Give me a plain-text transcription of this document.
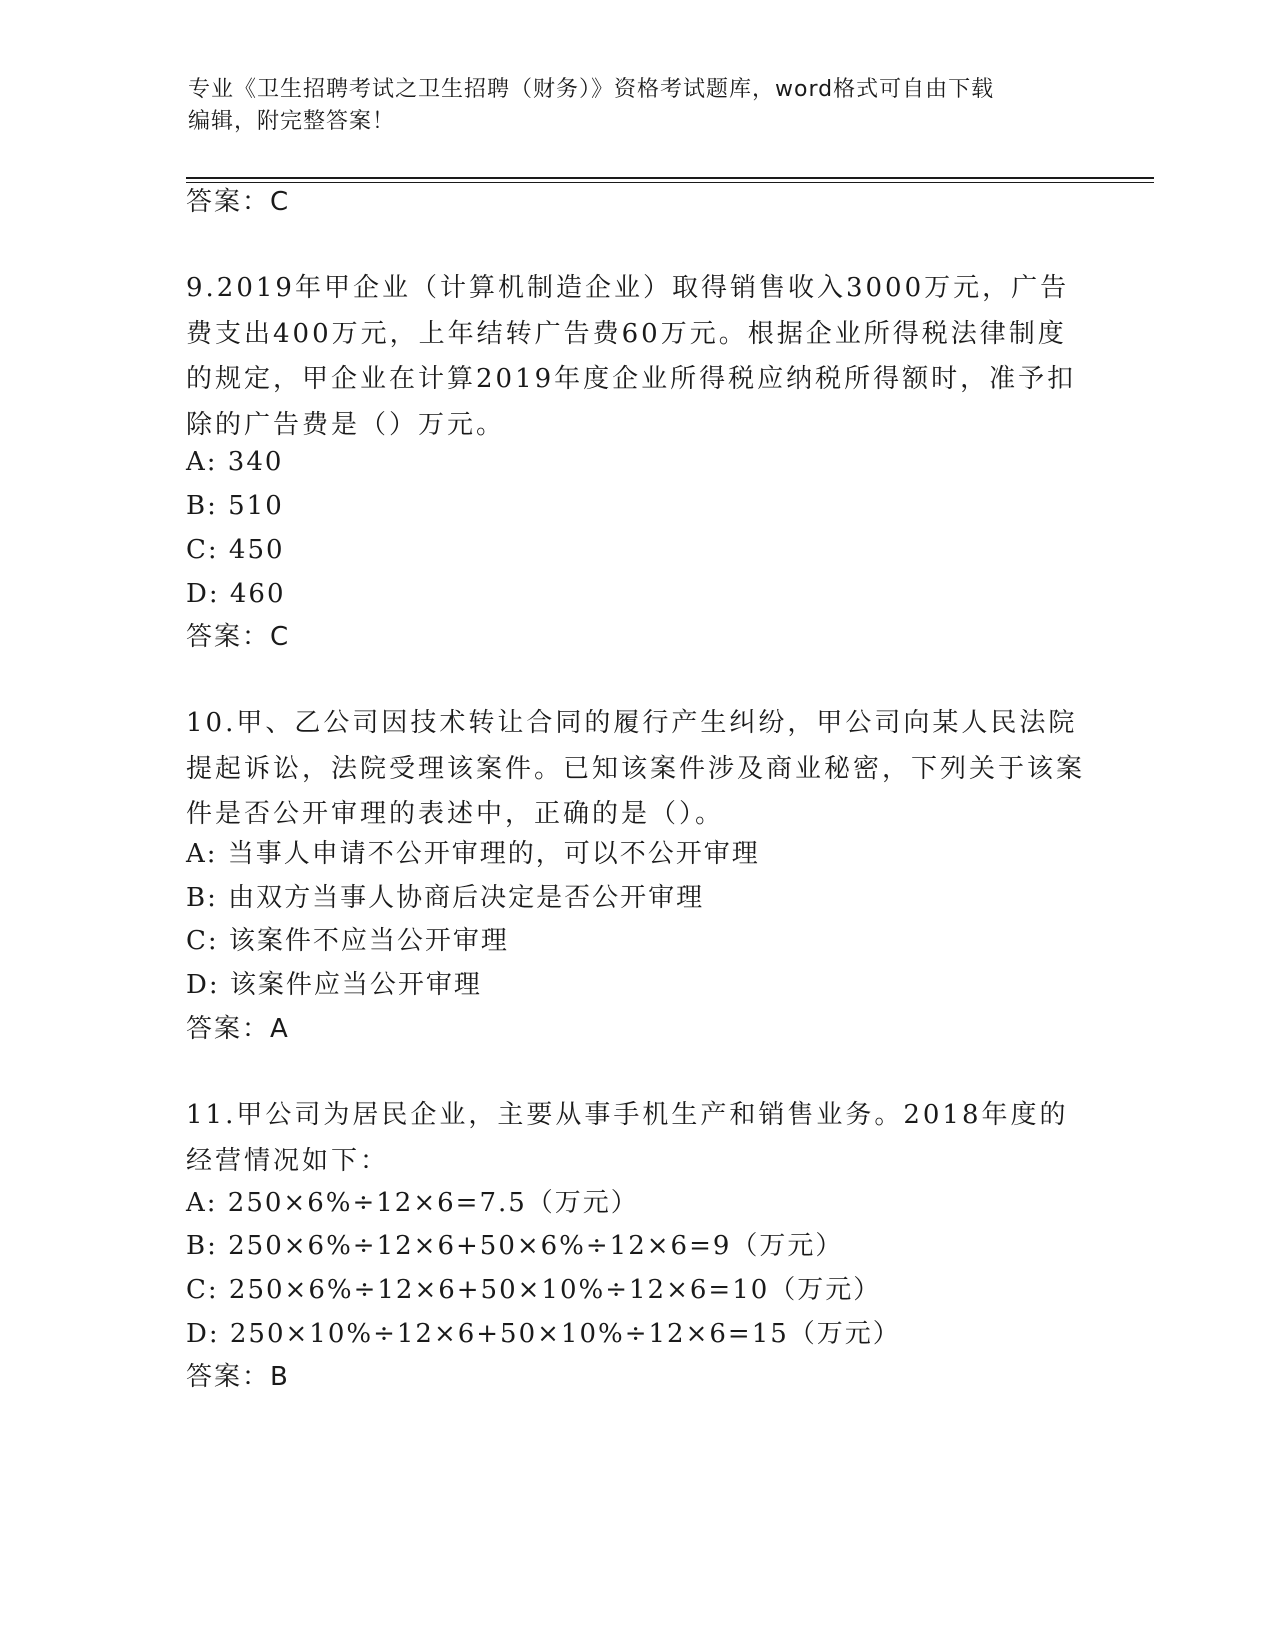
专业《卫生招聘考试之卫生招聘（财务）》资格考试题库，word格式可自由下载
编辑，附完整答案！
答案：C
9.2019年甲企业（计算机制造企业）取得销售收入3000万元，广告费支出400万元，上年结转广告费60万元。根据企业所得税法律制度的规定，甲企业在计算2019年度企业所得税应纳税所得额时，准予扣除的广告费是（）万元。
A: 340
B: 510
C: 450
D: 460
答案：C
10.甲、乙公司因技术转让合同的履行产生纠纷，甲公司向某人民法院提起诉讼，法院受理该案件。已知该案件涉及商业秘密，下列关于该案件是否公开审理的表述中，正确的是（）。
A: 当事人申请不公开审理的，可以不公开审理
B: 由双方当事人协商后决定是否公开审理
C: 该案件不应当公开审理
D: 该案件应当公开审理
答案：A
11.甲公司为居民企业，主要从事手机生产和销售业务。2018年度的经营情况如下：
A: 250×6%÷12×6=7.5（万元）
B: 250×6%÷12×6+50×6%÷12×6=9（万元）
C: 250×6%÷12×6+50×10%÷12×6=10（万元）
D: 250×10%÷12×6+50×10%÷12×6=15（万元）
答案：B
